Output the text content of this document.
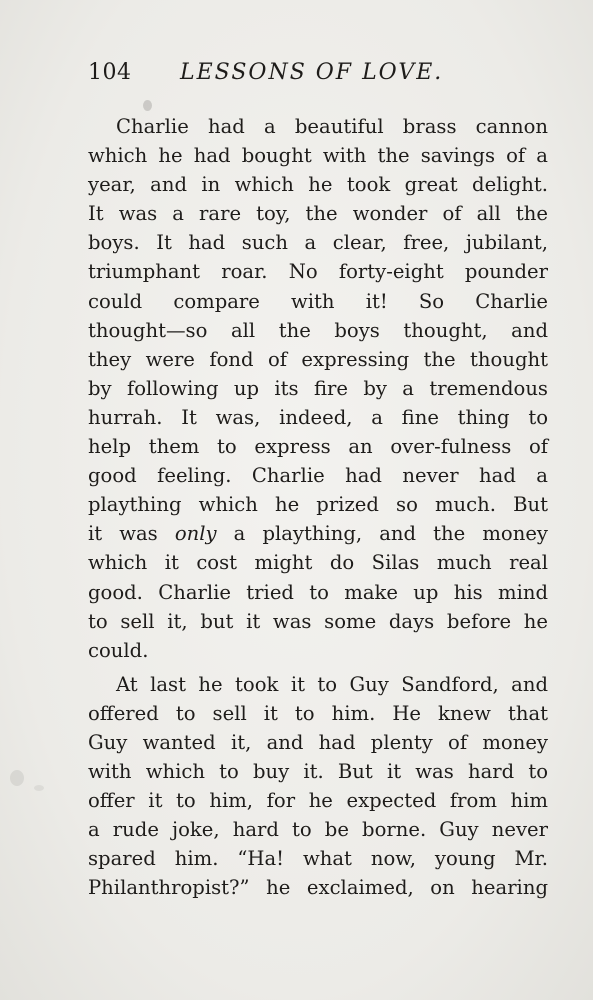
104 LESSONS OF LOVE.
Charlie had a beautiful brass cannon
which he had bought with the savings of a
year, and in which he took great delight.
It was a rare toy, the wonder of all the
boys. It had such a clear, free, jubilant,
triumphant roar. No forty-eight pounder
could compare with it! So Charlie
thought—so all the boys thought, and
they were fond of expressing the thought
by following up its fire by a tremendous
hurrah. It was, indeed, a fine thing to
help them to express an over-fulness of
good feeling. Charlie had never had a
plaything which he prized so much. But
it was only a plaything, and the money
which it cost might do Silas much real
good. Charlie tried to make up his mind
to sell it, but it was some days before he
could.
At last he took it to Guy Sandford, and
offered to sell it to him. He knew that
Guy wanted it, and had plenty of money
with which to buy it. But it was hard to
offer it to him, for he expected from him
a rude joke, hard to be borne. Guy never
spared him. “Ha! what now, young Mr.
Philanthropist?” he exclaimed, on hearing
